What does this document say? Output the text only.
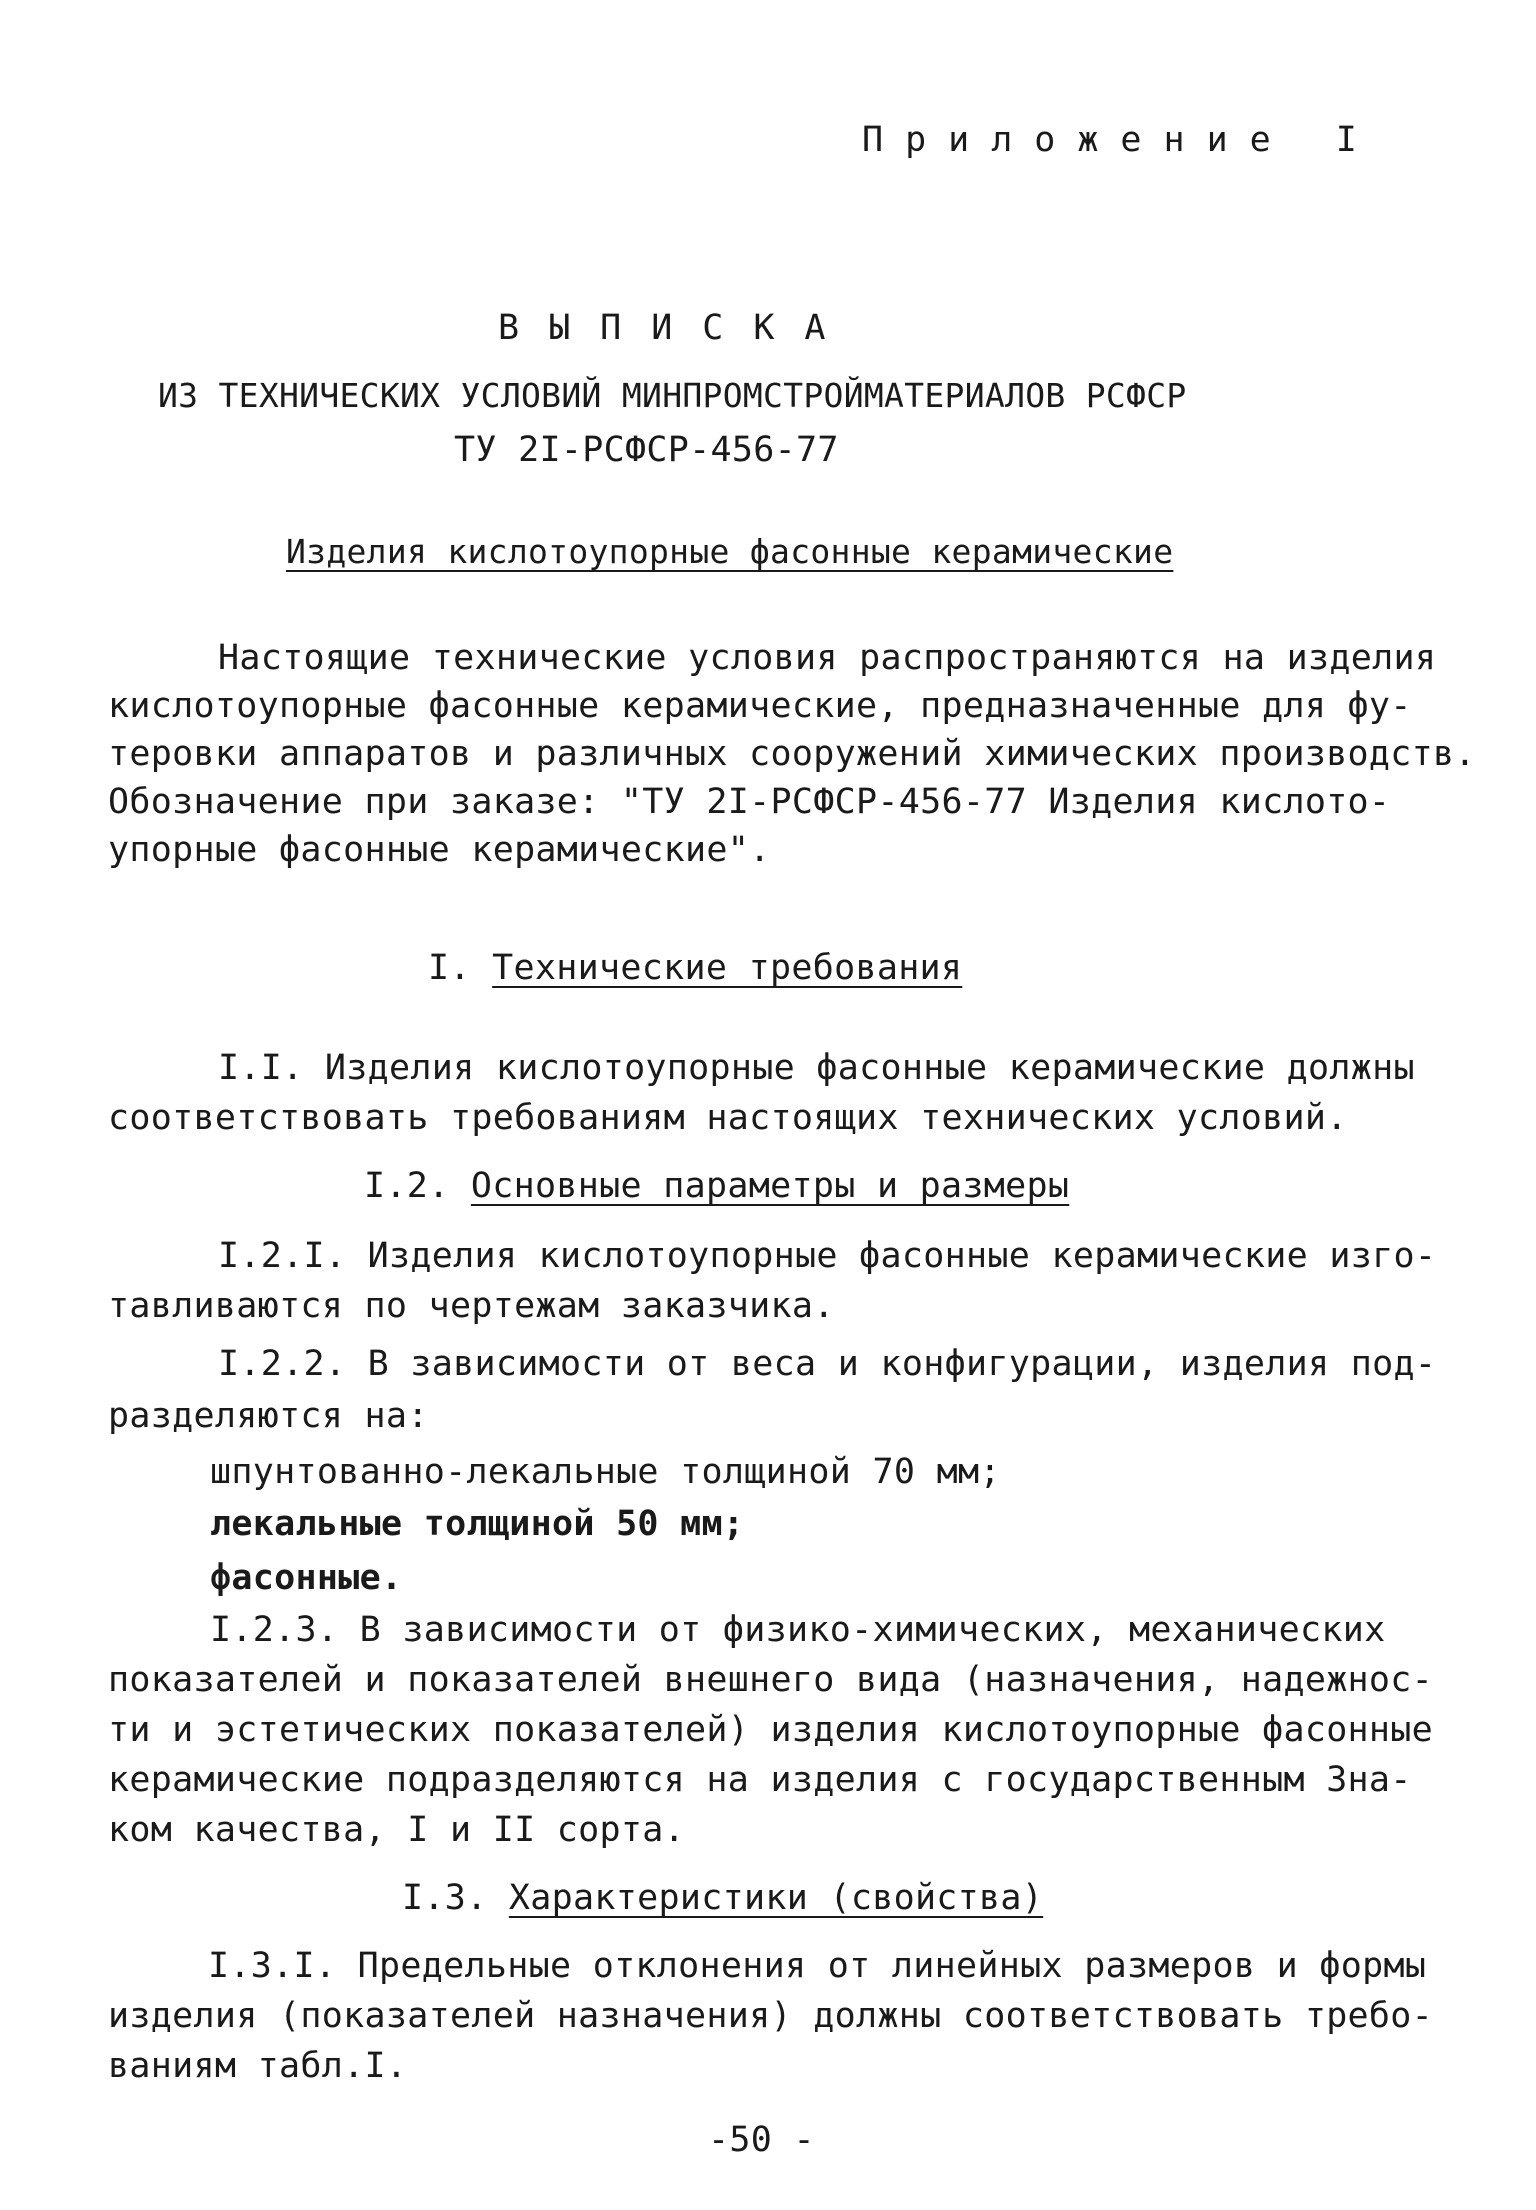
Приложение I
ВЫПИСКА
ИЗ ТЕХНИЧЕСКИХ УСЛОВИЙ МИНПРОМСТРОЙМАТЕРИАЛОВ РСФСР
ТУ 2I-РСФСР-456-77
Изделия кислотоупорные фасонные керамические
Настоящие технические условия распространяются на изделия
кислотоупорные фасонные керамические, предназначенные для фу-
теровки аппаратов и различных сооружений химических производств.
Обозначение при заказе: "ТУ 2I-РСФСР-456-77 Изделия кислото-
упорные фасонные керамические".
I. Технические требования
I.I. Изделия кислотоупорные фасонные керамические должны
соответствовать требованиям настоящих технических условий.
I.2. Основные параметры и размеры
I.2.I. Изделия кислотоупорные фасонные керамические изго-
тавливаются по чертежам заказчика.
I.2.2. В зависимости от веса и конфигурации, изделия под-
разделяются на:
шпунтованно-лекальные толщиной 70 мм;
лекальные толщиной 50 мм;
фасонные.
I.2.3. В зависимости от физико-химических, механических
показателей и показателей внешнего вида (назначения, надежнос-
ти и эстетических показателей) изделия кислотоупорные фасонные
керамические подразделяются на изделия с государственным Зна-
ком качества, I и II сорта.
I.3. Характеристики (свойства)
I.3.I. Предельные отклонения от линейных размеров и формы
изделия (показателей назначения) должны соответствовать требо-
ваниям табл.I.
-50 -
